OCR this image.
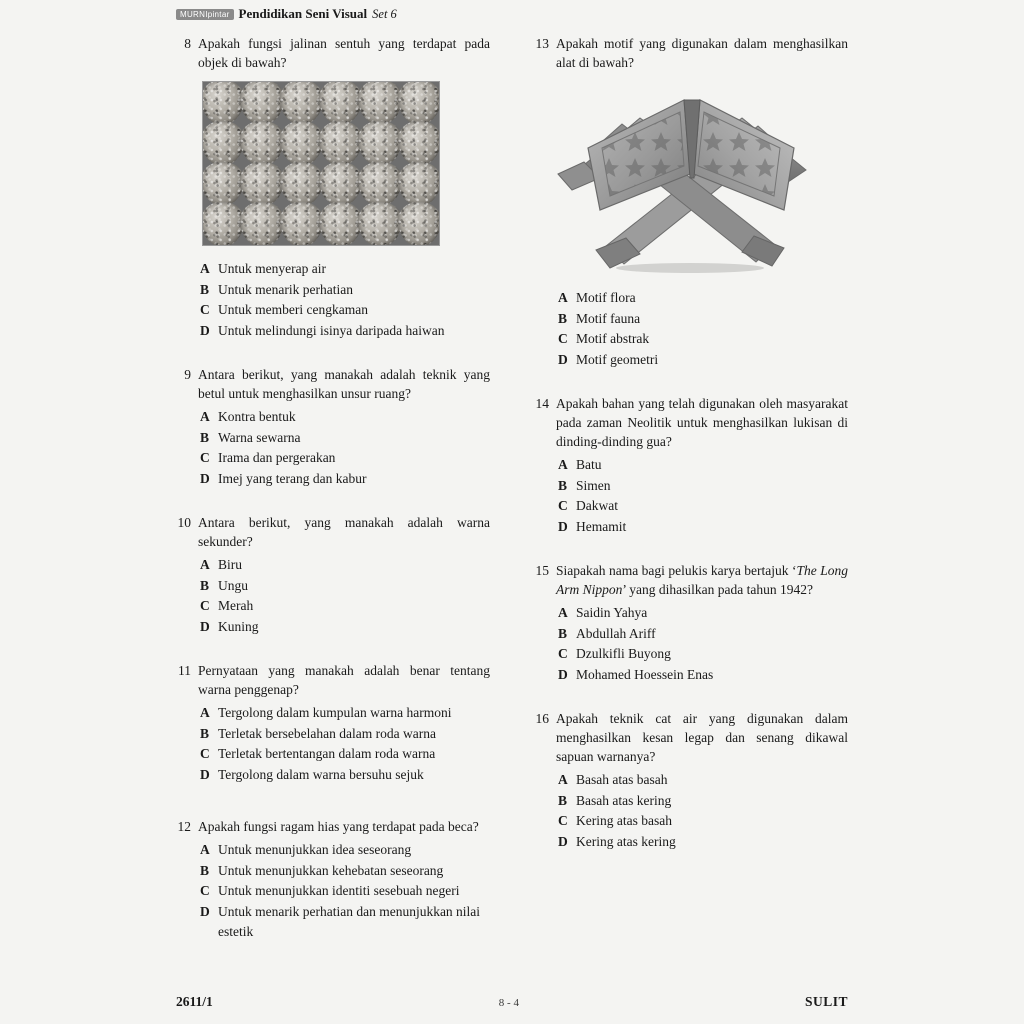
MURNIpintar Pendidikan Seni Visual Set 6
8 Apakah fungsi jalinan sentuh yang terdapat pada objek di bawah?
A Untuk menyerap air
B Untuk menarik perhatian
C Untuk memberi cengkaman
D Untuk melindungi isinya daripada haiwan
9 Antara berikut, yang manakah adalah teknik yang betul untuk menghasilkan unsur ruang?
A Kontra bentuk
B Warna sewarna
C Irama dan pergerakan
D Imej yang terang dan kabur
10 Antara berikut, yang manakah adalah warna sekunder?
A Biru
B Ungu
C Merah
D Kuning
11 Pernyataan yang manakah adalah benar tentang warna penggenap?
A Tergolong dalam kumpulan warna harmoni
B Terletak bersebelahan dalam roda warna
C Terletak bertentangan dalam roda warna
D Tergolong dalam warna bersuhu sejuk
12 Apakah fungsi ragam hias yang terdapat pada beca?
A Untuk menunjukkan idea seseorang
B Untuk menunjukkan kehebatan seseorang
C Untuk menunjukkan identiti sesebuah negeri
D Untuk menarik perhatian dan menunjukkan nilai estetik
13 Apakah motif yang digunakan dalam menghasilkan alat di bawah?
A Motif flora
B Motif fauna
C Motif abstrak
D Motif geometri
14 Apakah bahan yang telah digunakan oleh masyarakat pada zaman Neolitik untuk menghasilkan lukisan di dinding-dinding gua?
A Batu
B Simen
C Dakwat
D Hemamit
15 Siapakah nama bagi pelukis karya bertajuk ‘The Long Arm Nippon’ yang dihasilkan pada tahun 1942?
A Saidin Yahya
B Abdullah Ariff
C Dzulkifli Buyong
D Mohamed Hoessein Enas
16 Apakah teknik cat air yang digunakan dalam menghasilkan kesan legap dan senang dikawal sapuan warnanya?
A Basah atas basah
B Basah atas kering
C Kering atas basah
D Kering atas kering
2611/1	8 - 4	SULIT
